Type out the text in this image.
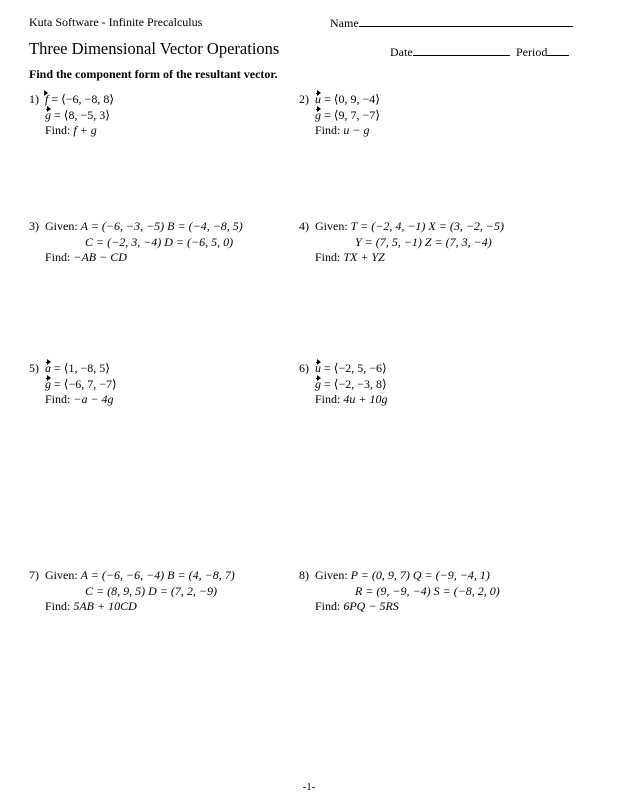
Kuta Software - Infinite Precalculus	Name
Three Dimensional Vector Operations	Date	Period
Find the component form of the resultant vector.
1) f = ⟨−6, −8, 8⟩
g = ⟨8, −5, 3⟩
Find: f + g
2) u = ⟨0, 9, −4⟩
g = ⟨9, 7, −7⟩
Find: u − g
3) Given: A = (−6, −3, −5) B = (−4, −8, 5)
C = (−2, 3, −4) D = (−6, 5, 0)
Find: −AB − CD
4) Given: T = (−2, 4, −1) X = (3, −2, −5)
Y = (7, 5, −1) Z = (7, 3, −4)
Find: TX + YZ
5) a = ⟨1, −8, 5⟩
g = ⟨−6, 7, −7⟩
Find: −a − 4g
6) u = ⟨−2, 5, −6⟩
g = ⟨−2, −3, 8⟩
Find: 4u + 10g
7) Given: A = (−6, −6, −4) B = (4, −8, 7)
C = (8, 9, 5) D = (7, 2, −9)
Find: 5AB + 10CD
8) Given: P = (0, 9, 7) Q = (−9, −4, 1)
R = (9, −9, −4) S = (−8, 2, 0)
Find: 6PQ − 5RS
-1-
